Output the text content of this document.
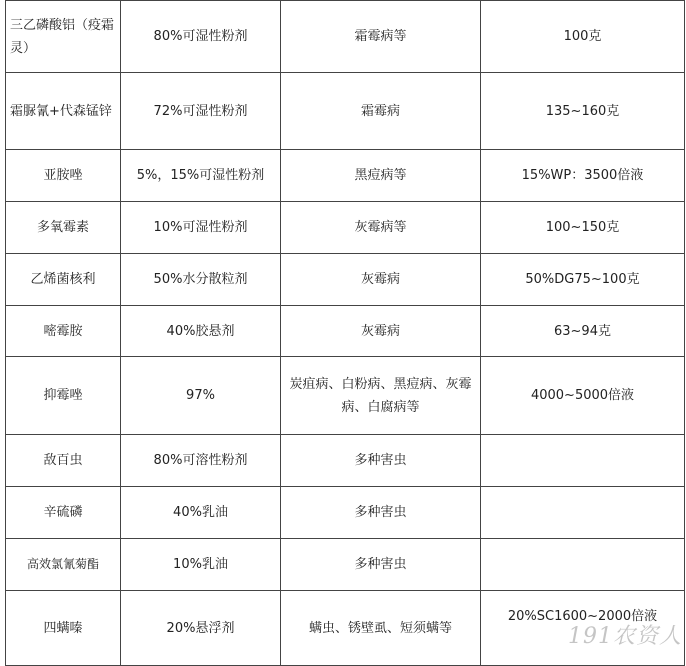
三乙磷酸铝（疫霜灵）	80%可湿性粉剂	霜霉病等	100克
霜脲氰+代森锰锌	72%可湿性粉剂	霜霉病	135~160克
亚胺唑	5%，15%可湿性粉剂	黑痘病等	15%WP：3500倍液
多氧霉素	10%可湿性粉剂	灰霉病等	100~150克
乙烯菌核利	50%水分散粒剂	灰霉病	50%DG75~100克
嘧霉胺	40%胶悬剂	灰霉病	63~94克
抑霉唑	97%	炭疽病、白粉病、黑痘病、灰霉病、白腐病等	4000~5000倍液
敌百虫	80%可溶性粉剂	多种害虫	
辛硫磷	40%乳油	多种害虫	
高效氯氰菊酯	10%乳油	多种害虫	
四螨嗪	20%悬浮剂	螨虫、锈壁虱、短须螨等	20%SC1600~2000倍液
191农资人
